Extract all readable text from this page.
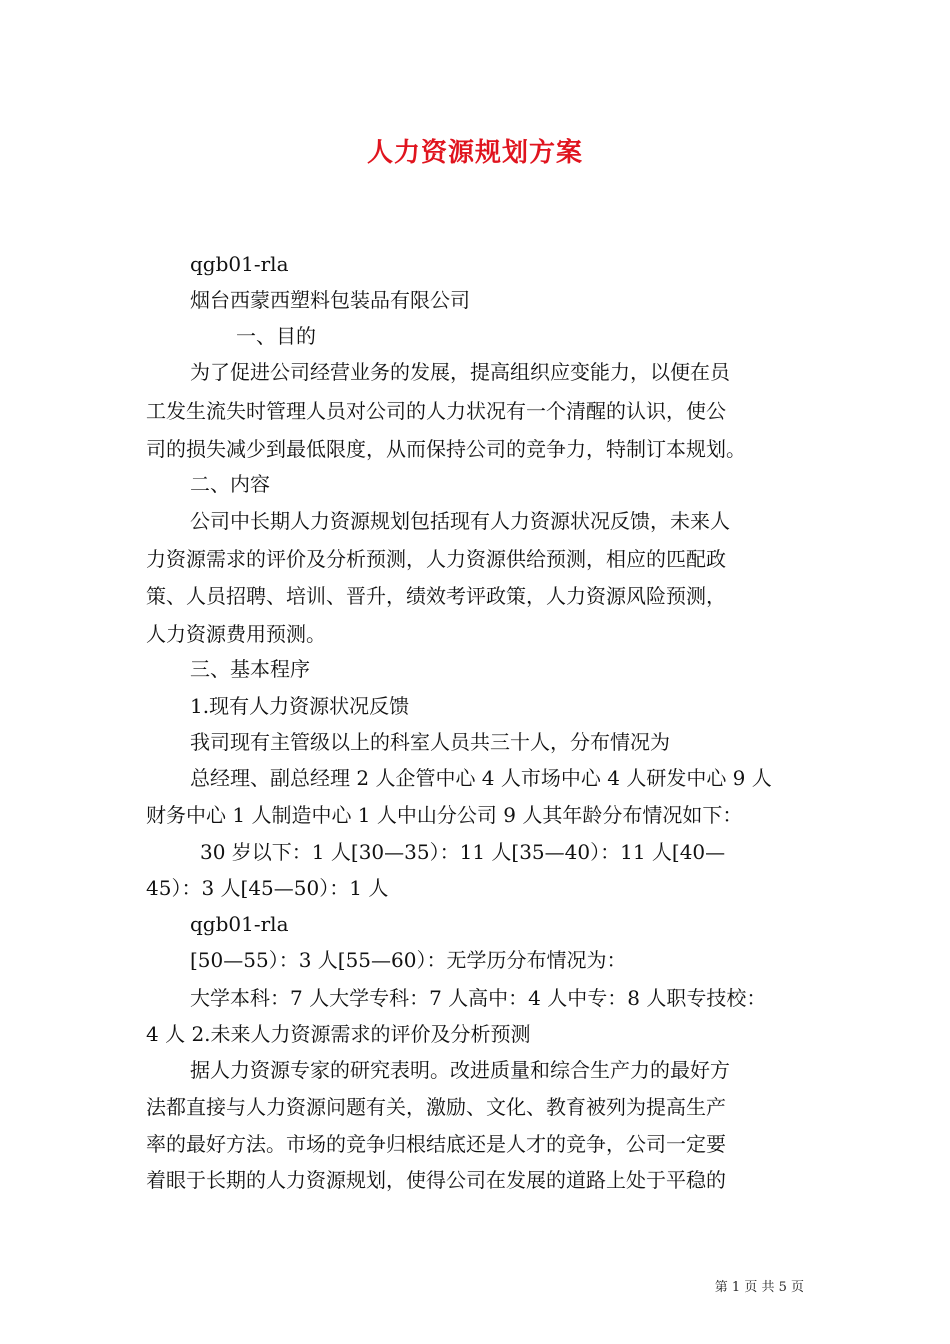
人力资源规划方案
qgb01-rla
烟台西蒙西塑料包装品有限公司
一、目的
为了促进公司经营业务的发展，提高组织应变能力，以便在员
工发生流失时管理人员对公司的人力状况有一个清醒的认识，使公
司的损失减少到最低限度，从而保持公司的竞争力，特制订本规划。
二、内容
公司中长期人力资源规划包括现有人力资源状况反馈，未来人
力资源需求的评价及分析预测，人力资源供给预测，相应的匹配政
策、人员招聘、培训、晋升，绩效考评政策，人力资源风险预测，
人力资源费用预测。
三、基本程序
1.现有人力资源状况反馈
我司现有主管级以上的科室人员共三十人，分布情况为
总经理、副总经理 2 人企管中心 4 人市场中心 4 人研发中心 9 人
财务中心 1 人制造中心 1 人中山分公司 9 人其年龄分布情况如下：
30 岁以下：1 人[30—35）：11 人[35—40）：11 人[40—
45）：3 人[45—50）：1 人
qgb01-rla
[50—55）：3 人[55—60）：无学历分布情况为：
大学本科：7 人大学专科：7 人高中：4 人中专：8 人职专技校：
4 人 2.未来人力资源需求的评价及分析预测
据人力资源专家的研究表明。改进质量和综合生产力的最好方
法都直接与人力资源问题有关，激励、文化、教育被列为提高生产
率的最好方法。市场的竞争归根结底还是人才的竞争，公司一定要
着眼于长期的人力资源规划，使得公司在发展的道路上处于平稳的
第 1 页 共 5 页
